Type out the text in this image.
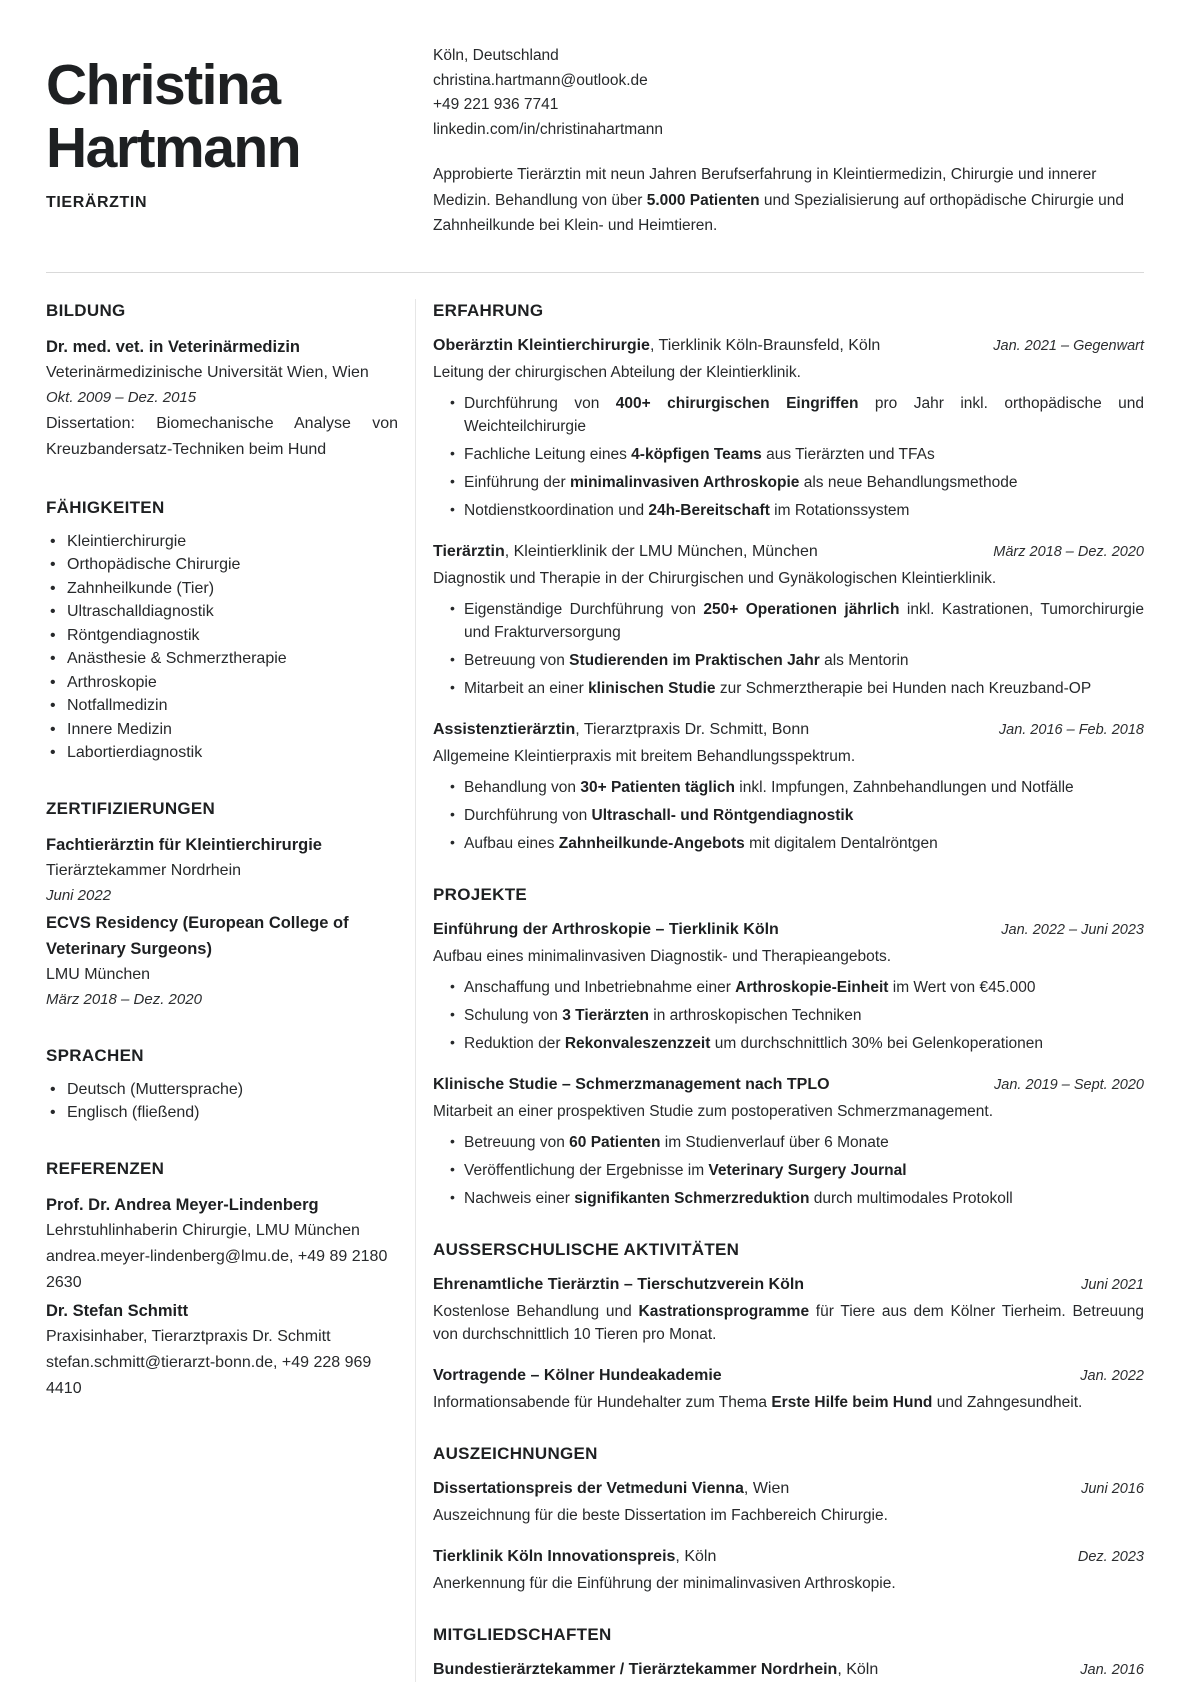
Christina Hartmann
TIERÄRZTIN
Köln, Deutschland
christina.hartmann@outlook.de
+49 221 936 7741
linkedin.com/in/christinahartmann

Approbierte Tierärztin mit neun Jahren Berufserfahrung in Kleintiermedizin, Chirurgie und innerer Medizin. Behandlung von über 5.000 Patienten und Spezialisierung auf orthopädische Chirurgie und Zahnheilkunde bei Klein- und Heimtieren.

BILDUNG
Dr. med. vet. in Veterinärmedizin
Veterinärmedizinische Universität Wien, Wien
Okt. 2009 – Dez. 2015
Dissertation: Biomechanische Analyse von Kreuzbandersatz-Techniken beim Hund
FÄHIGKEITEN
• Kleintierchirurgie
• Orthopädische Chirurgie
• Zahnheilkunde (Tier)
• Ultraschalldiagnostik
• Röntgendiagnostik
• Anästhesie & Schmerztherapie
• Arthroskopie
• Notfallmedizin
• Innere Medizin
• Labortierdiagnostik
ZERTIFIZIERUNGEN
Fachtierärztin für Kleintierchirurgie
Tierärztekammer Nordrhein
Juni 2022
ECVS Residency (European College of Veterinary Surgeons)
LMU München
März 2018 – Dez. 2020
SPRACHEN
• Deutsch (Muttersprache)
• Englisch (fließend)
REFERENZEN
Prof. Dr. Andrea Meyer-Lindenberg
Lehrstuhlinhaberin Chirurgie, LMU München
andrea.meyer-lindenberg@lmu.de, +49 89 2180 2630
Dr. Stefan Schmitt
Praxisinhaber, Tierarztpraxis Dr. Schmitt
stefan.schmitt@tierarzt-bonn.de, +49 228 969 4410
ERFAHRUNG
Oberärztin Kleintierchirurgie, Tierklinik Köln-Braunsfeld, Köln	Jan. 2021 – Gegenwart
Leitung der chirurgischen Abteilung der Kleintierklinik.
• Durchführung von 400+ chirurgischen Eingriffen pro Jahr inkl. orthopädische und Weichteilchirurgie
• Fachliche Leitung eines 4-köpfigen Teams aus Tierärzten und TFAs
• Einführung der minimalinvasiven Arthroskopie als neue Behandlungsmethode
• Notdienstkoordination und 24h-Bereitschaft im Rotationssystem
Tierärztin, Kleintierklinik der LMU München, München	März 2018 – Dez. 2020
Diagnostik und Therapie in der Chirurgischen und Gynäkologischen Kleintierklinik.
• Eigenständige Durchführung von 250+ Operationen jährlich inkl. Kastrationen, Tumorchirurgie und Frakturversorgung
• Betreuung von Studierenden im Praktischen Jahr als Mentorin
• Mitarbeit an einer klinischen Studie zur Schmerztherapie bei Hunden nach Kreuzband-OP
Assistenztierärztin, Tierarztpraxis Dr. Schmitt, Bonn	Jan. 2016 – Feb. 2018
Allgemeine Kleintierpraxis mit breitem Behandlungsspektrum.
• Behandlung von 30+ Patienten täglich inkl. Impfungen, Zahnbehandlungen und Notfälle
• Durchführung von Ultraschall- und Röntgendiagnostik
• Aufbau eines Zahnheilkunde-Angebots mit digitalem Dentalröntgen
PROJEKTE
Einführung der Arthroskopie – Tierklinik Köln	Jan. 2022 – Juni 2023
Aufbau eines minimalinvasiven Diagnostik- und Therapieangebots.
• Anschaffung und Inbetriebnahme einer Arthroskopie-Einheit im Wert von €45.000
• Schulung von 3 Tierärzten in arthroskopischen Techniken
• Reduktion der Rekonvaleszenzzeit um durchschnittlich 30% bei Gelenkoperationen
Klinische Studie – Schmerzmanagement nach TPLO	Jan. 2019 – Sept. 2020
Mitarbeit an einer prospektiven Studie zum postoperativen Schmerzmanagement.
• Betreuung von 60 Patienten im Studienverlauf über 6 Monate
• Veröffentlichung der Ergebnisse im Veterinary Surgery Journal
• Nachweis einer signifikanten Schmerzreduktion durch multimodales Protokoll
AUSSERSCHULISCHE AKTIVITÄTEN
Ehrenamtliche Tierärztin – Tierschutzverein Köln	Juni 2021
Kostenlose Behandlung und Kastrationsprogramme für Tiere aus dem Kölner Tierheim. Betreuung von durchschnittlich 10 Tieren pro Monat.
Vortragende – Kölner Hundeakademie	Jan. 2022
Informationsabende für Hundehalter zum Thema Erste Hilfe beim Hund und Zahngesundheit.
AUSZEICHNUNGEN
Dissertationspreis der Vetmeduni Vienna, Wien	Juni 2016
Auszeichnung für die beste Dissertation im Fachbereich Chirurgie.
Tierklinik Köln Innovationspreis, Köln	Dez. 2023
Anerkennung für die Einführung der minimalinvasiven Arthroskopie.
MITGLIEDSCHAFTEN
Bundestierärztekammer / Tierärztekammer Nordrhein, Köln	Jan. 2016
